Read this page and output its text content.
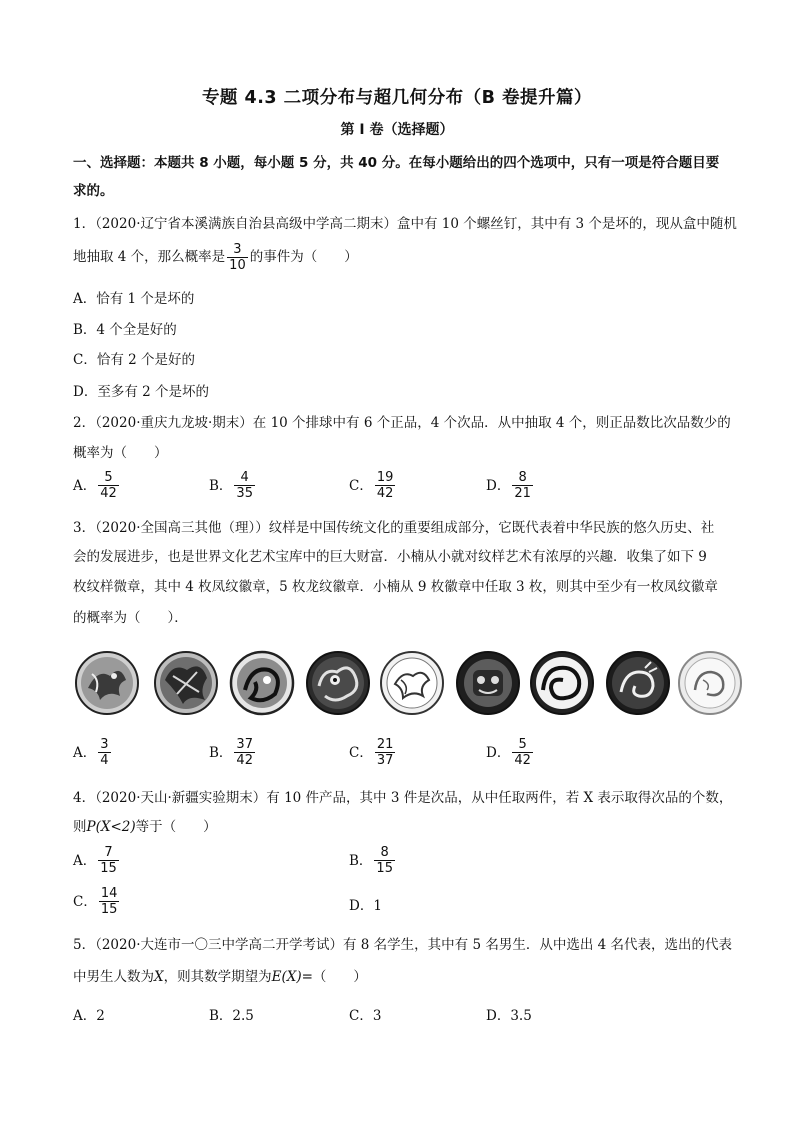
专题 4.3 二项分布与超几何分布（B 卷提升篇）
第 I 卷（选择题）
一、选择题：本题共 8 小题，每小题 5 分，共 40 分。在每小题给出的四个选项中，只有一项是符合题目要
求的。
1．（2020·辽宁省本溪满族自治县高级中学高二期末）盒中有 10 个螺丝钉，其中有 3 个是坏的，现从盒中随机
地抽取 4 个，那么概率是 $\frac{3}{10}$ 的事件为（　　）
A．恰有 1 个是坏的
B．4 个全是好的
C．恰有 2 个是好的
D．至多有 2 个是坏的
2．（2020·重庆九龙坡·期末）在 10 个排球中有 6 个正品，4 个次品．从中抽取 4 个，则正品数比次品数少的
概率为（　　）
A． $\frac{5}{42}$	B． $\frac{4}{35}$	C． $\frac{19}{42}$	D． $\frac{8}{21}$
3．（2020·全国高三其他（理））纹样是中国传统文化的重要组成部分，它既代表着中华民族的悠久历史、社
会的发展进步，也是世界文化艺术宝库中的巨大财富．小楠从小就对纹样艺术有浓厚的兴趣．收集了如下 9
枚纹样微章，其中 4 枚凤纹徽章，5 枚龙纹徽章．小楠从 9 枚徽章中任取 3 枚，则其中至少有一枚凤纹徽章
的概率为（　　）．
A． $\frac{3}{4}$	B． $\frac{37}{42}$	C． $\frac{21}{37}$	D． $\frac{5}{42}$
4．（2020·天山·新疆实验期末）有 10 件产品，其中 3 件是次品，从中任取两件，若 X 表示取得次品的个数，
则P(X<2)等于（　　）
A． $\frac{7}{15}$	B． $\frac{8}{15}$
C． $\frac{14}{15}$	D．1
5．（2020·大连市一〇三中学高二开学考试）有 8 名学生，其中有 5 名男生．从中选出 4 名代表，选出的代表
中男生人数为X，则其数学期望为E(X)=（　　）
A．2	B．2.5	C．3	D．3.5
